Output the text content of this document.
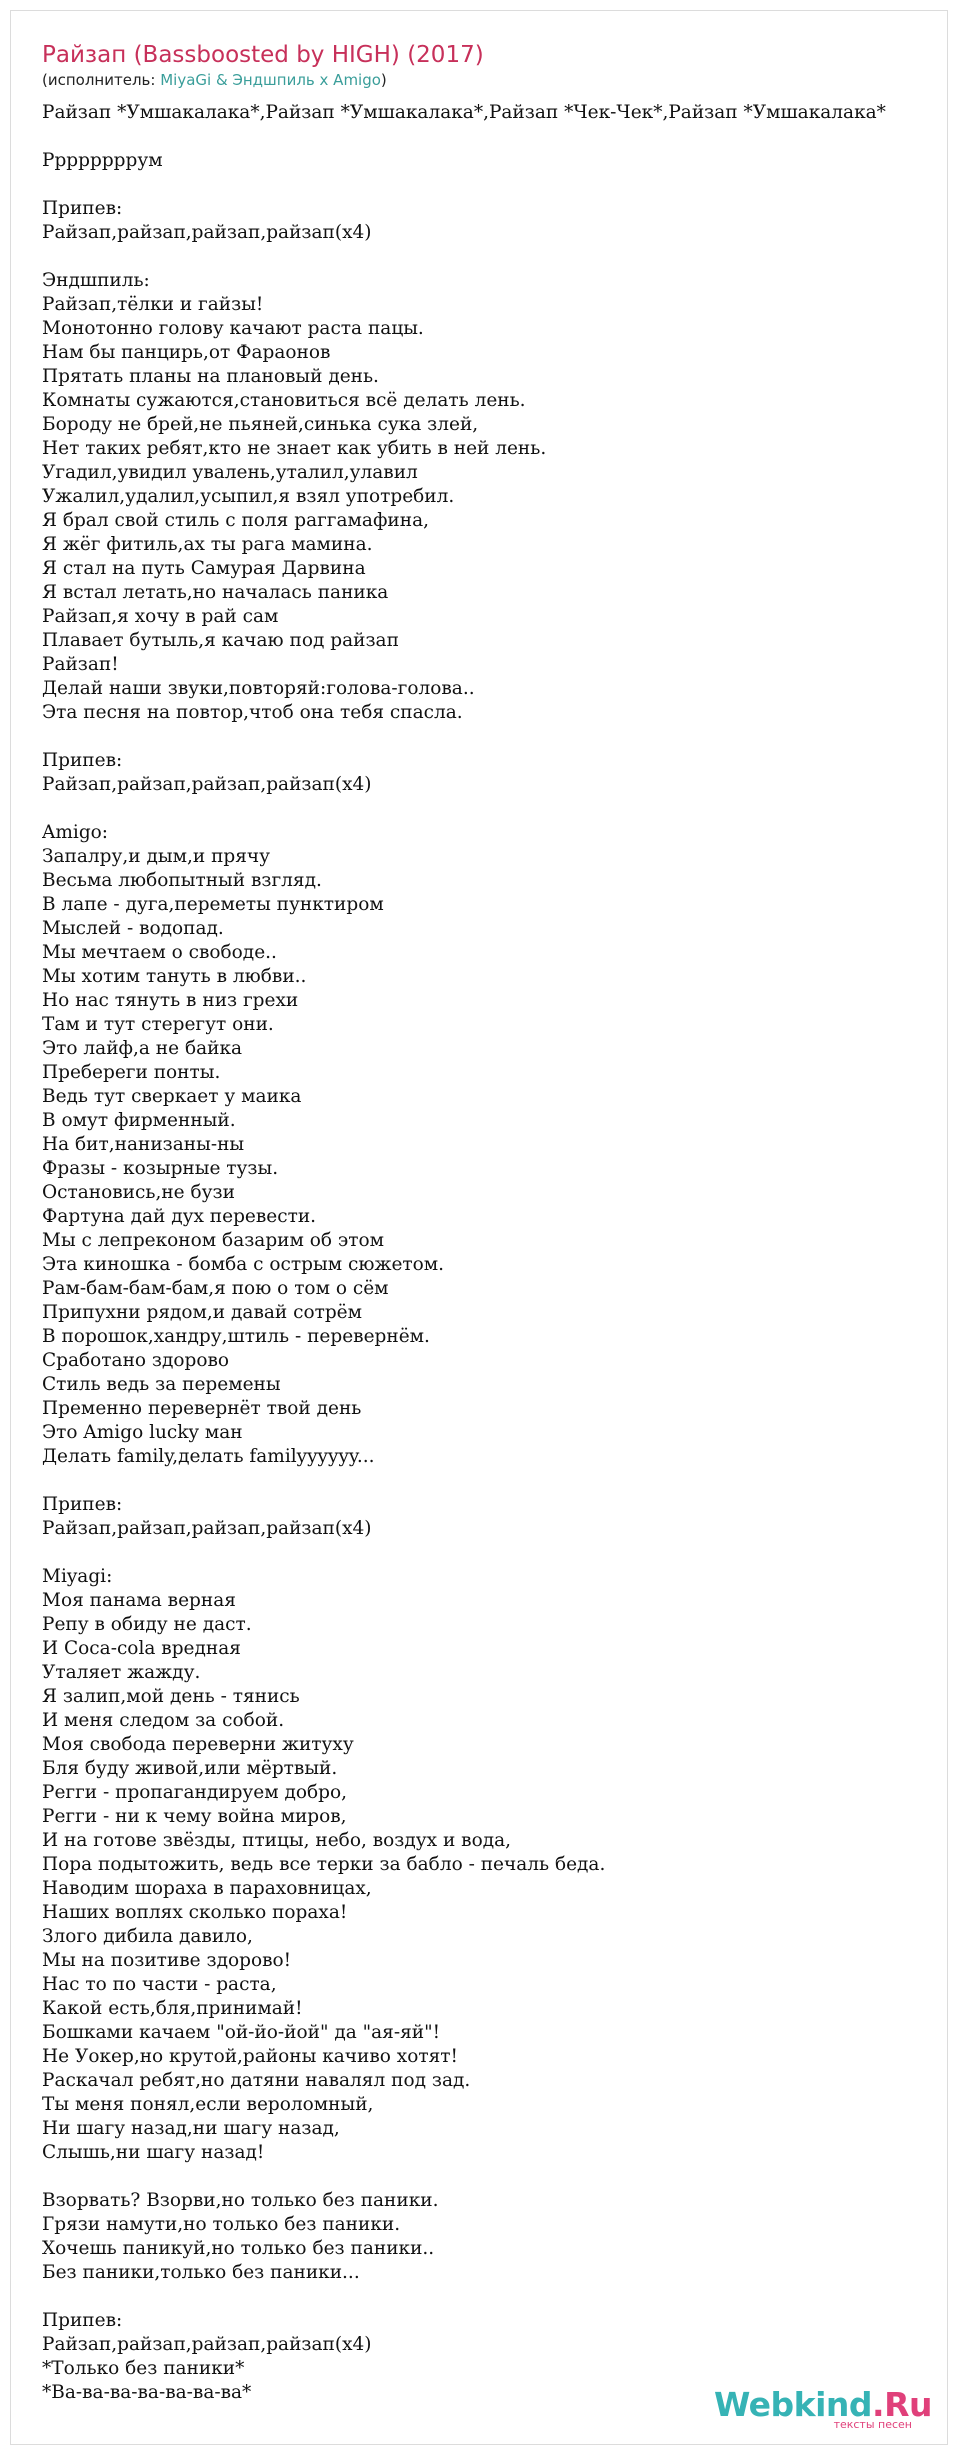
Райзап (Bassboosted by HIGH) (2017)
(исполнитель: MiyaGi & Эндшпиль x Amigo)
Райзап *Умшакалака*,Райзап *Умшакалака*,Райзап *Чек-Чек*,Райзап *Умшакалака*
Ррррррррум
Припев:
Райзап,райзап,райзап,райзап(x4)
Эндшпиль:
Райзап,тёлки и гайзы!
Монотонно голову качают раста пацы.
Нам бы панцирь,от Фараонов
Прятать планы на плановый день.
Комнаты сужаются,становиться всё делать лень.
Бороду не брей,не пьяней,синька сука злей,
Нет таких ребят,кто не знает как убить в ней лень.
Угадил,увидил увалень,уталил,улавил
Ужалил,удалил,усыпил,я взял употребил.
Я брал свой стиль с поля раггамафина,
Я жёг фитиль,ах ты рага мамина.
Я стал на путь Самурая Дарвина
Я встал летать,но началась паника
Райзап,я хочу в рай сам
Плавает бутыль,я качаю под райзап
Райзап!
Делай наши звуки,повторяй:голова-голова..
Эта песня на повтор,чтоб она тебя спасла.
Припев:
Райзап,райзап,райзап,райзап(x4)
Amigo:
Запалру,и дым,и прячу
Весьма любопытный взгляд.
В лапе - дуга,переметы пунктиром
Мыслей - водопад.
Мы мечтаем о свободе..
Мы хотим тануть в любви..
Но нас тянуть в низ грехи
Там и тут стерегут они.
Это лайф,а не байка
Пребереги понты.
Ведь тут сверкает у маика
В омут фирменный.
На бит,нанизаны-ны
Фразы - козырные тузы.
Остановись,не бузи
Фартуна дай дух перевести.
Мы с лепреконом базарим об этом
Эта киношка - бомба с острым сюжетом.
Рам-бам-бам-бам,я пою о том о сём
Припухни рядом,и давай сотрём
В порошок,хандру,штиль - перевернём.
Сработано здорово
Стиль ведь за перемены
Пременно перевернёт твой день
Это Amigo lucky ман
Делать family,делать familyyyyyy...
Припев:
Райзап,райзап,райзап,райзап(x4)
Miyagi:
Моя панама верная
Репу в обиду не даст.
И Coca-cola вредная
Уталяет жажду.
Я залип,мой день - тянись
И меня следом за собой.
Моя свобода переверни житуху
Бля буду живой,или мёртвый.
Регги - пропагандируем добро,
Регги - ни к чему война миров,
И на готове звёзды, птицы, небо, воздух и вода,
Пора подытожить, ведь все терки за бабло - печаль беда.
Наводим шораха в параховницах,
Наших воплях сколько пораха!
Злого дибила давило,
Мы на позитиве здорово!
Нас то по части - раста,
Какой есть,бля,принимай!
Бошками качаем "ой-йо-йой" да "ая-яй"!
Не Уокер,но крутой,районы качиво хотят!
Раскачал ребят,но датяни навалял под зад.
Ты меня понял,если вероломный,
Ни шагу назад,ни шагу назад,
Слышь,ни шагу назад!
Взорвать? Взорви,но только без паники.
Грязи намути,но только без паники.
Хочешь паникуй,но только без паники..
Без паники,только без паники...
Припев:
Райзап,райзап,райзап,райзап(x4)
*Только без паники*
*Ва-ва-ва-ва-ва-ва-ва*	Webkind.Ru
тексты песен
